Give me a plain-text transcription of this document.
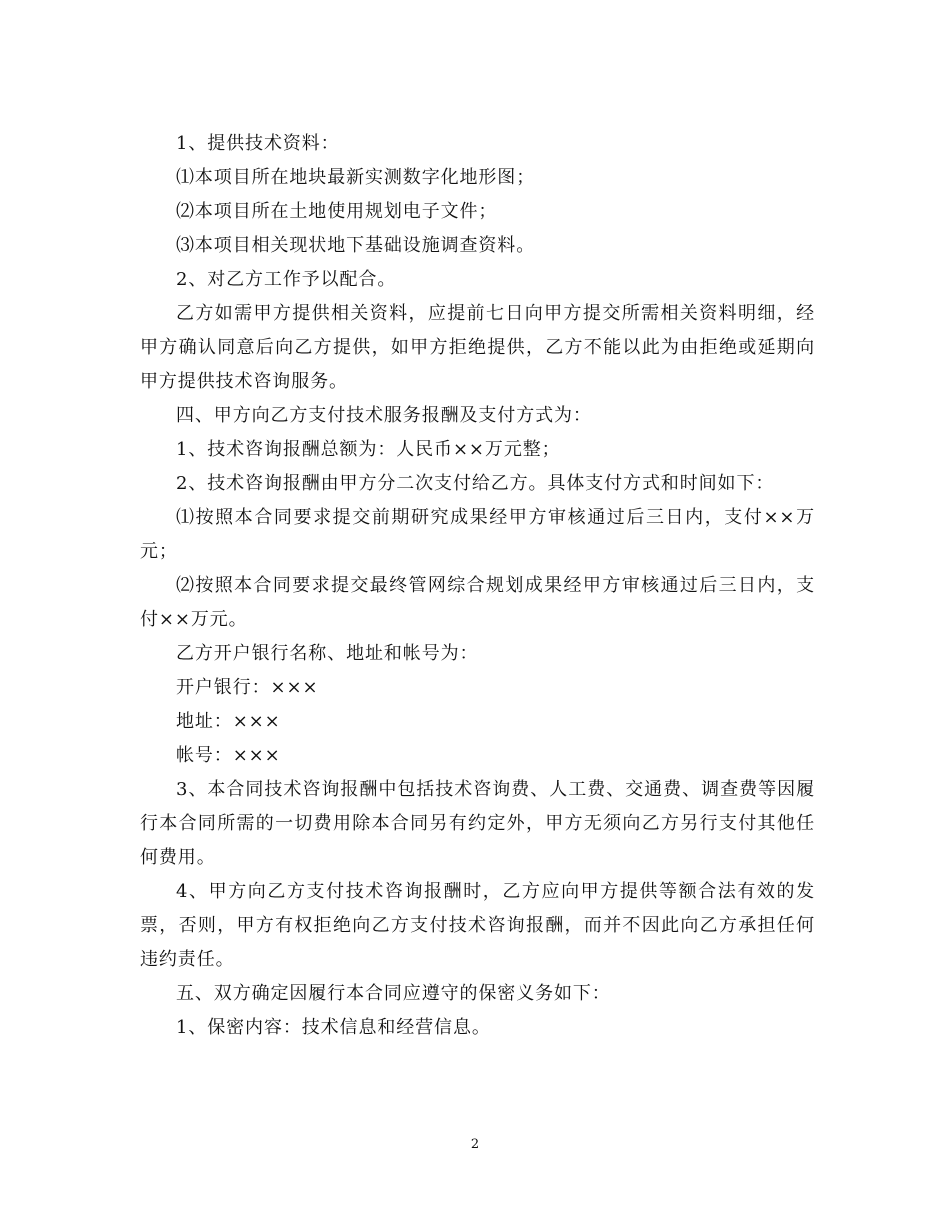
1、提供技术资料：

⑴本项目所在地块最新实测数字化地形图；

⑵本项目所在土地使用规划电子文件；

⑶本项目相关现状地下基础设施调查资料。

2、对乙方工作予以配合。

乙方如需甲方提供相关资料，应提前七日向甲方提交所需相关资料明细，经甲方确认同意后向乙方提供，如甲方拒绝提供，乙方不能以此为由拒绝或延期向甲方提供技术咨询服务。

四、甲方向乙方支付技术服务报酬及支付方式为：

1、技术咨询报酬总额为：人民币××万元整；

2、技术咨询报酬由甲方分二次支付给乙方。具体支付方式和时间如下：

⑴按照本合同要求提交前期研究成果经甲方审核通过后三日内，支付××万元；

⑵按照本合同要求提交最终管网综合规划成果经甲方审核通过后三日内，支付××万元。

乙方开户银行名称、地址和帐号为：

开户银行：×××

地址：×××

帐号：×××

3、本合同技术咨询报酬中包括技术咨询费、人工费、交通费、调查费等因履行本合同所需的一切费用除本合同另有约定外，甲方无须向乙方另行支付其他任何费用。

4、甲方向乙方支付技术咨询报酬时，乙方应向甲方提供等额合法有效的发票，否则，甲方有权拒绝向乙方支付技术咨询报酬，而并不因此向乙方承担任何违约责任。

五、双方确定因履行本合同应遵守的保密义务如下：

1、保密内容：技术信息和经营信息。

2
